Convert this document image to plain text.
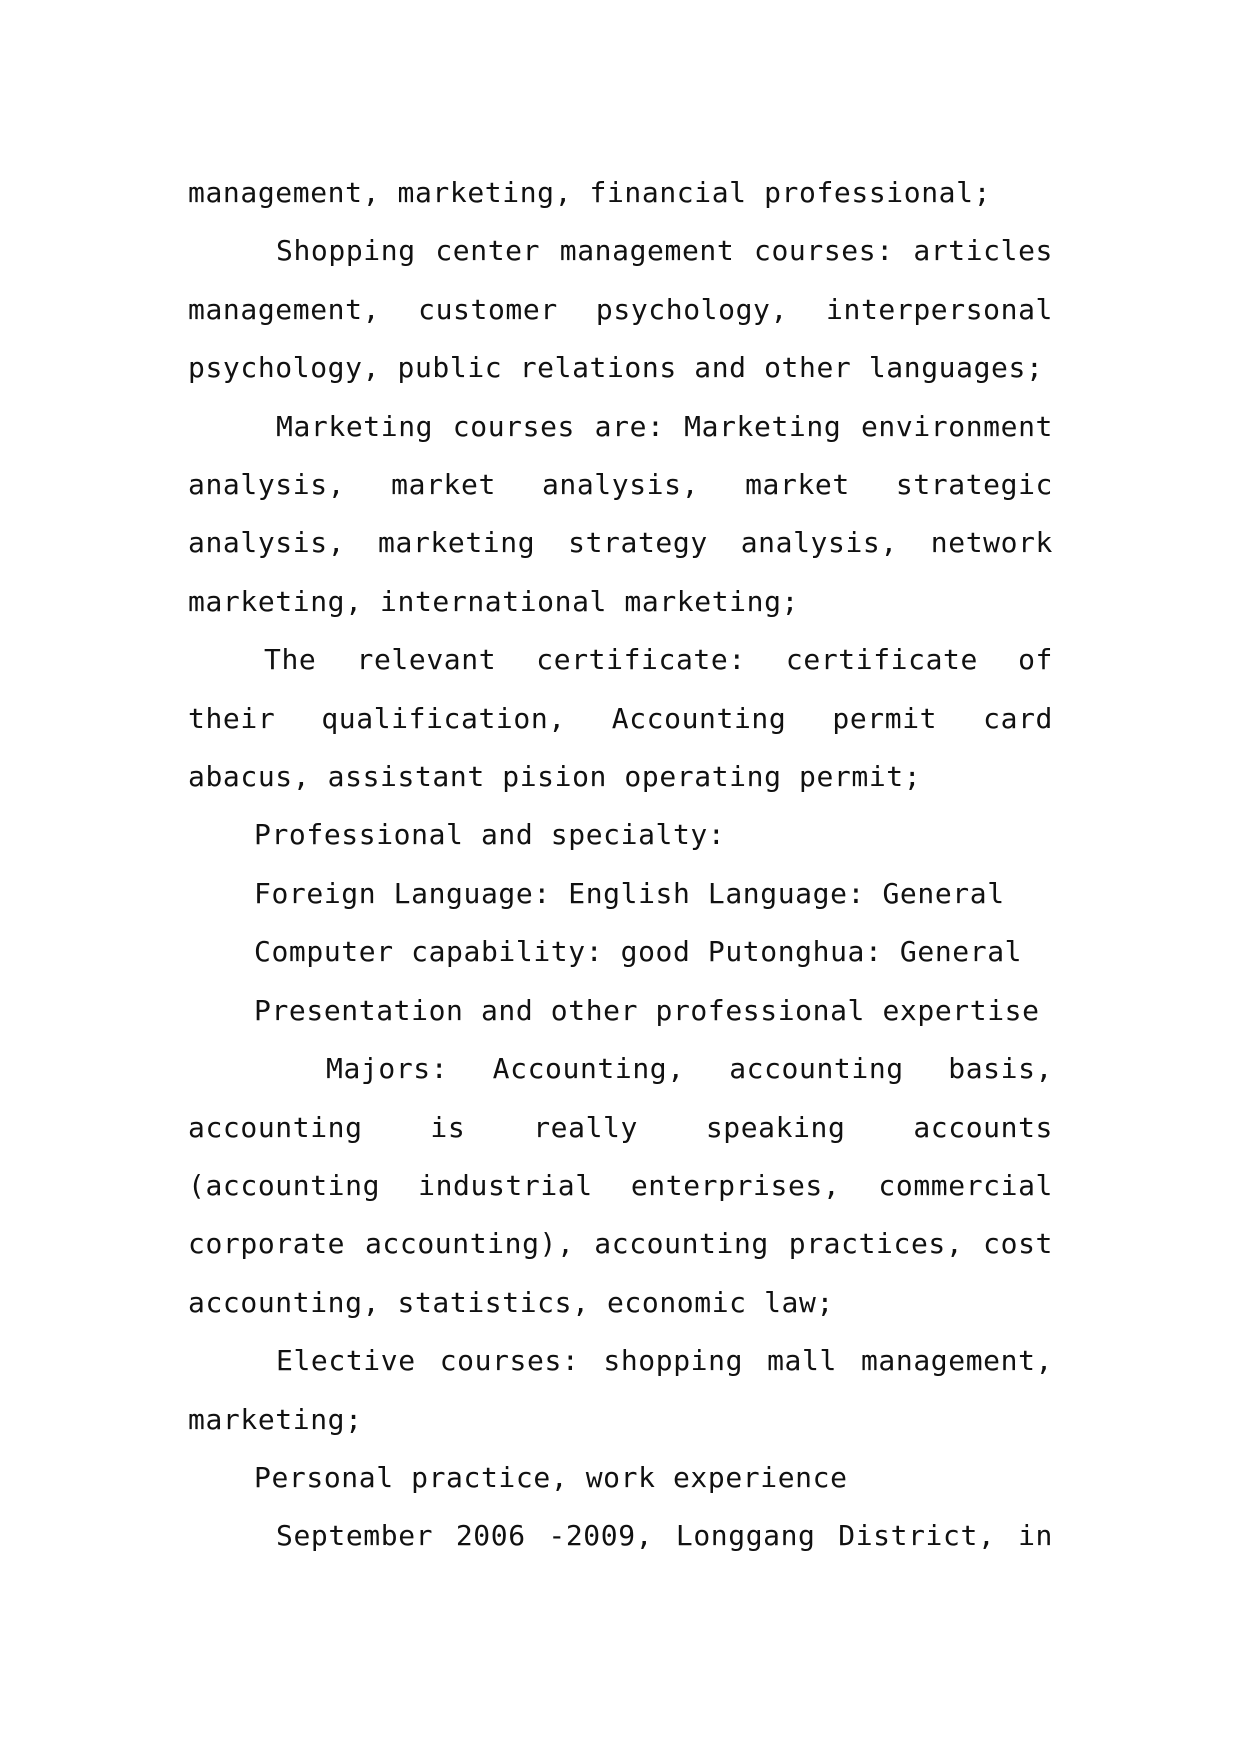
management, marketing, financial professional;

Shopping center management courses: articles management, customer psychology, interpersonal psychology, public relations and other languages;

Marketing courses are: Marketing environment analysis, market analysis, market strategic analysis, marketing strategy analysis, network marketing, international marketing;

The relevant certificate: certificate of their qualification, Accounting permit card abacus, assistant pision operating permit;

Professional and specialty:

Foreign Language: English Language: General

Computer capability: good Putonghua: General

Presentation and other professional expertise

Majors: Accounting, accounting basis, accounting is really speaking accounts (accounting industrial enterprises, commercial corporate accounting), accounting practices, cost accounting, statistics, economic law;

Elective courses: shopping mall management, marketing;

Personal practice, work experience

September 2006 -2009, Longgang District, in
